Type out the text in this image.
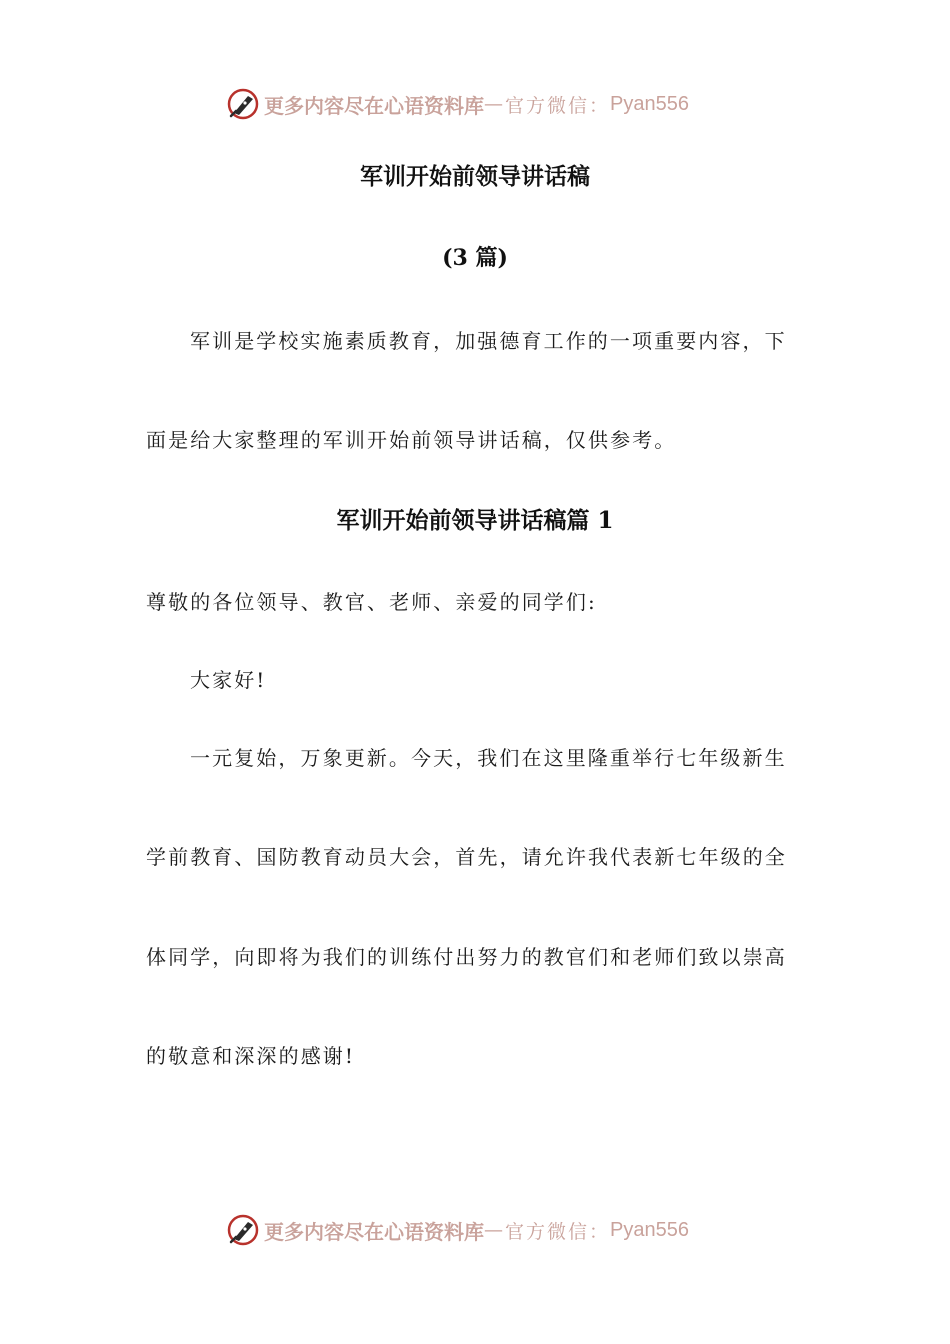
更多内容尽在心语资料库 — 官方微信： Pyan556
军训开始前领导讲话稿
(3 篇)
军训是学校实施素质教育，加强德育工作的一项重要内容，下
面是给大家整理的军训开始前领导讲话稿，仅供参考。
军训开始前领导讲话稿篇 1
尊敬的各位领导、教官、老师、亲爱的同学们:
大家好!
一元复始，万象更新。今天，我们在这里隆重举行七年级新生
学前教育、国防教育动员大会，首先，请允许我代表新七年级的全
体同学，向即将为我们的训练付出努力的教官们和老师们致以崇高
的敬意和深深的感谢!
更多内容尽在心语资料库 — 官方微信： Pyan556
